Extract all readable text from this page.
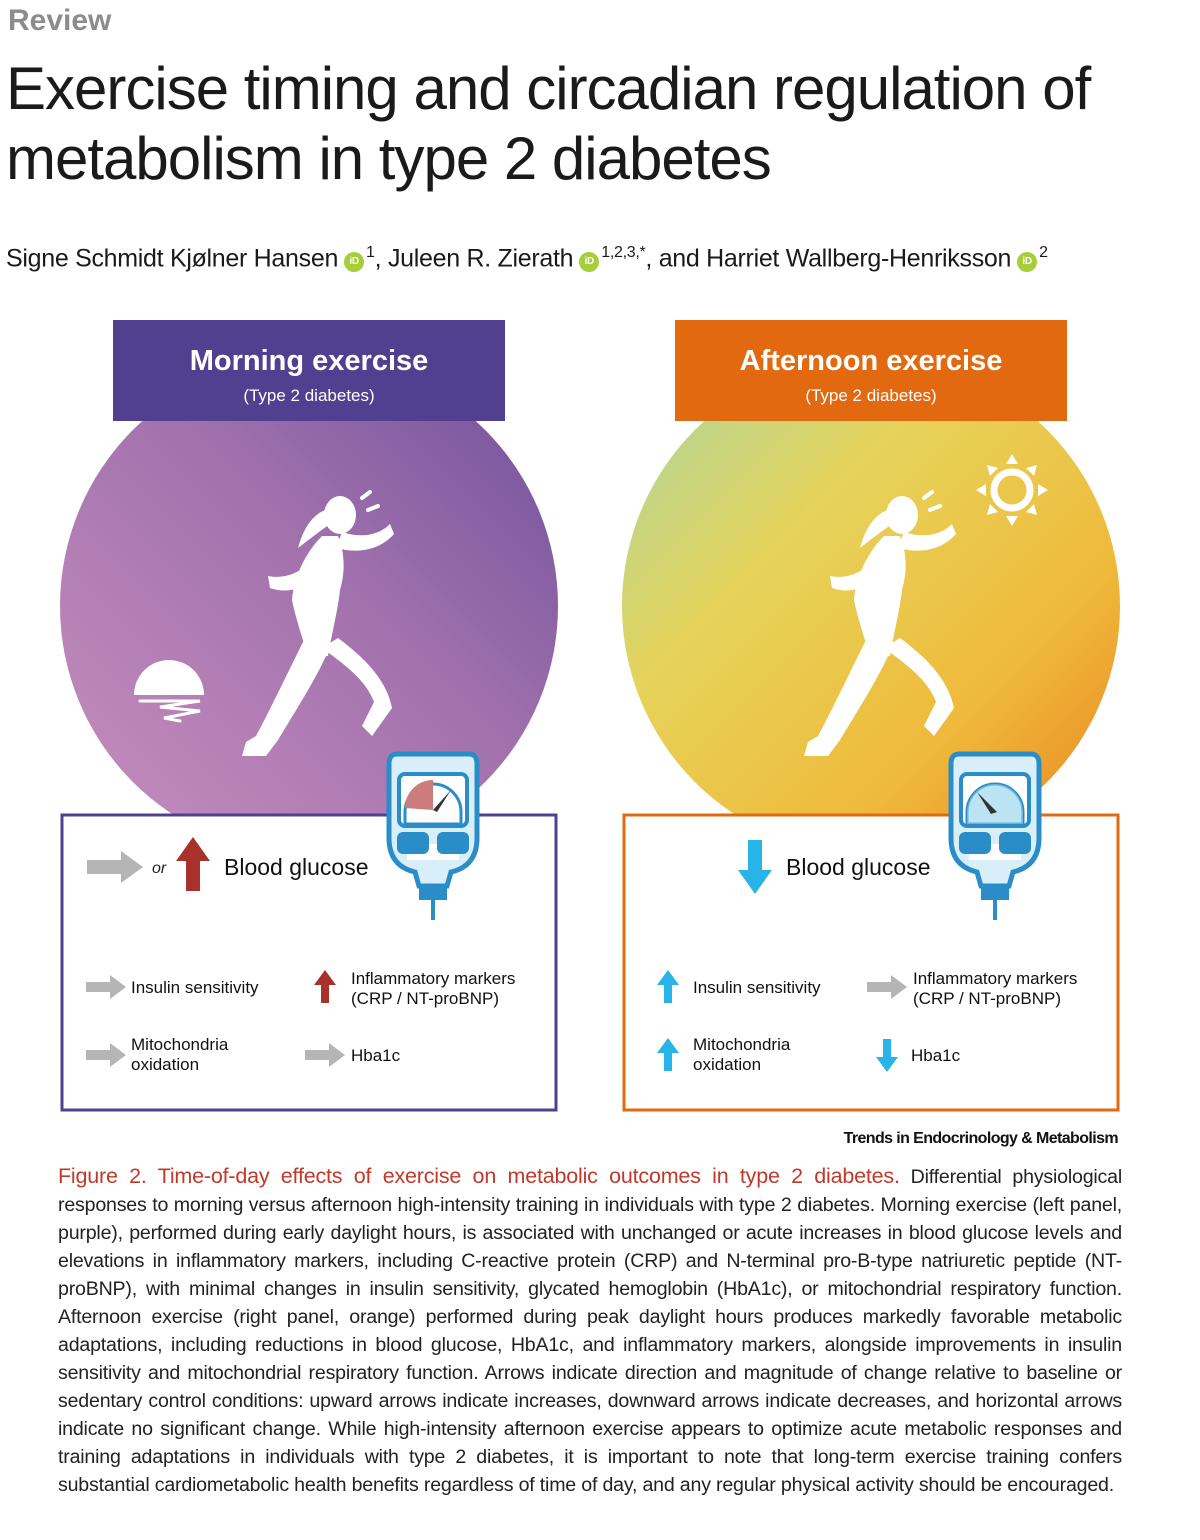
Review
Exercise timing and circadian regulation of metabolism in type 2 diabetes
Signe Schmidt Kjølner Hansen $iD^1$, Juleen R. Zierath $iD^{1,2,3,*}$, and Harriet Wallberg-Henriksson $iD^2$
Morning exercise
(Type 2 diabetes)
or	Blood glucose
Insulin sensitivity	Inflammatory markers
(CRP / NT-proBNP)
Mitochondria
oxidation	Hba1c
Afternoon exercise
(Type 2 diabetes)
Blood glucose
Insulin sensitivity	Inflammatory markers
(CRP / NT-proBNP)
Mitochondria
oxidation	Hba1c
Trends in Endocrinology & Metabolism

Figure 2. Time-of-day effects of exercise on metabolic outcomes in type 2 diabetes. Differential physiological responses to morning versus afternoon high-intensity training in individuals with type 2 diabetes. Morning exercise (left panel, purple), performed during early daylight hours, is associated with unchanged or acute increases in blood glucose levels and elevations in inflammatory markers, including C-reactive protein (CRP) and N-terminal pro-B-type natriuretic peptide (NT-proBNP), with minimal changes in insulin sensitivity, glycated hemoglobin (HbA1c), or mitochondrial respiratory function. Afternoon exercise (right panel, orange) performed during peak daylight hours produces markedly favorable metabolic adaptations, including reductions in blood glucose, HbA1c, and inflammatory markers, alongside improvements in insulin sensitivity and mitochondrial respiratory function. Arrows indicate direction and magnitude of change relative to baseline or sedentary control conditions: upward arrows indicate increases, downward arrows indicate decreases, and horizontal arrows indicate no significant change. While high-intensity afternoon exercise appears to optimize acute metabolic responses and training adaptations in individuals with type 2 diabetes, it is important to note that long-term exercise training confers substantial cardiometabolic health benefits regardless of time of day, and any regular physical activity should be encouraged.
